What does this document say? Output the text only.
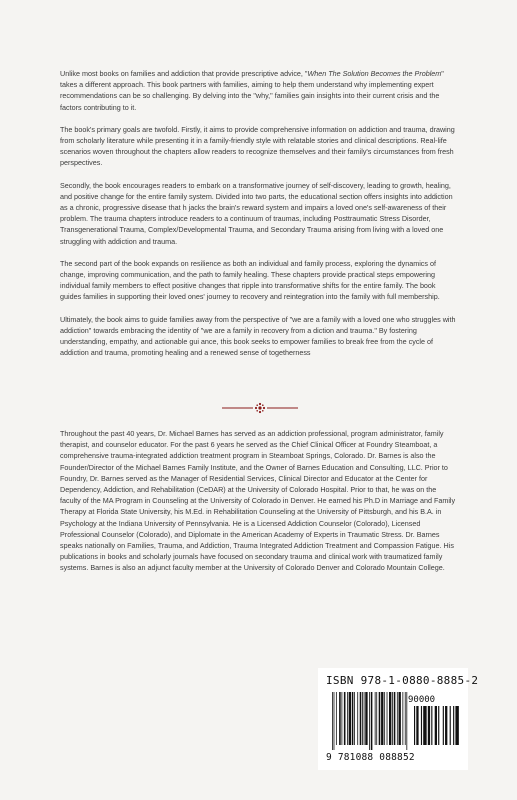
Unlike most books on families and addiction that provide prescriptive advice, "When The Solution Becomes the Problem" takes a different approach. This book partners with families, aiming to help them understand why implementing expert recommendations can be so challenging. By delving into the "why," families gain insights into their current crisis and the factors contributing to it.

The book's primary goals are twofold. Firstly, it aims to provide comprehensive information on addiction and trauma, drawing from scholarly literature while presenting it in a family-friendly style with relatable stories and clinical descriptions. Real-life scenarios woven throughout the chapters allow readers to recognize themselves and their family's circumstances from fresh perspectives.

Secondly, the book encourages readers to embark on a transformative journey of self-discovery, leading to growth, healing, and positive change for the entire family system. Divided into two parts, the educational section offers insights into addiction as a chronic, progressive disease that h jacks the brain's reward system and impairs a loved one's self-awareness of their problem. The trauma chapters introduce readers to a continuum of traumas, including Posttraumatic Stress Disorder, Transgenerational Trauma, Complex/Developmental Trauma, and Secondary Trauma arising from living with a loved one struggling with addiction and trauma.

The second part of the book expands on resilience as both an individual and family process, exploring the dynamics of change, improving communication, and the path to family healing. These chapters provide practical steps empowering individual family members to effect positive changes that ripple into transformative shifts for the entire family. The book guides families in supporting their loved ones' journey to recovery and reintegration into the family with full membership.

Ultimately, the book aims to guide families away from the perspective of "we are a family with a loved one who struggles with addiction" towards embracing the identity of "we are a family in recovery from a diction and trauma." By fostering understanding, empathy, and actionable gui ance, this book seeks to empower families to break free from the cycle of addiction and trauma, promoting healing and a renewed sense of togetherness

Throughout the past 40 years, Dr. Michael Barnes has served as an addiction professional, program administrator, family therapist, and counselor educator. For the past 6 years he served as the Chief Clinical Officer at Foundry Steamboat, a comprehensive trauma-integrated addiction treatment program in Steamboat Springs, Colorado. Dr. Barnes is also the Founder/Director of the Michael Barnes Family Institute, and the Owner of Barnes Education and Consulting, LLC. Prior to Foundry, Dr. Barnes served as the Manager of Residential Services, Clinical Director and Educator at the Center for Dependency, Addiction, and Rehabilitation (CeDAR) at the University of Colorado Hospital. Prior to that, he was on the faculty of the MA Program in Counseling at the University of Colorado in Denver. He earned his Ph.D in Marriage and Family Therapy at Florida State University, his M.Ed. in Rehabilitation Counseling at the University of Pittsburgh, and his B.A. in Psychology at the Indiana University of Pennsylvania. He is a Licensed Addiction Counselor (Colorado), Licensed Professional Counselor (Colorado), and Diplomate in the American Academy of Experts in Traumatic Stress. Dr. Barnes speaks nationally on Families, Trauma, and Addiction, Trauma Integrated Addiction Treatment and Compassion Fatigue. His publications in books and scholarly journals have focused on secondary trauma and clinical work with traumatized family systems. Barnes is also an adjunct faculty member at the University of Colorado Denver and Colorado Mountain College.

ISBN 978-1-0880-8885-2
90000
9 781088 088852
